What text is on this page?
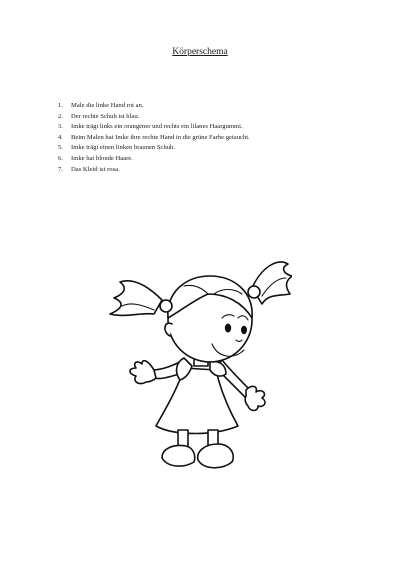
Körperschema
1.	Male die linke Hand rot an.
2.	Der rechte Schuh ist blau.
3.	Imke trägt links ein orangener und rechts ein lilanes Haargummi.
4.	Beim Malen hat Imke ihre rechte Hand in die grüne Farbe getaucht.
5.	Imke trägt einen linken braunen Schuh.
6.	Imke hat blonde Haare.
7.	Das Kleid ist rosa.
